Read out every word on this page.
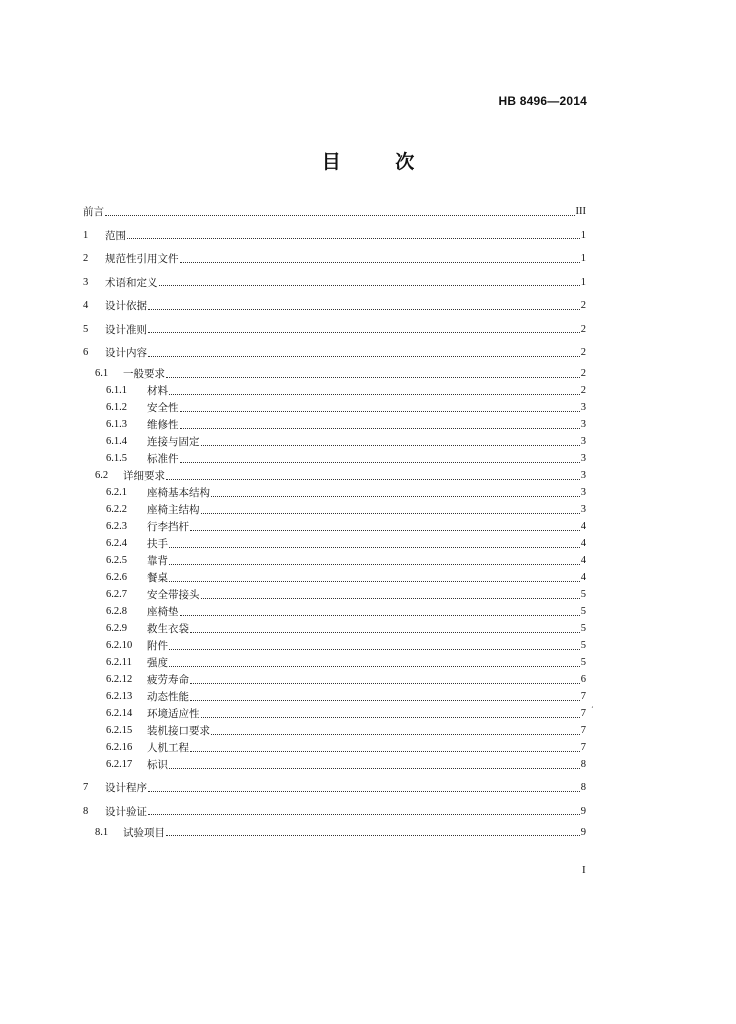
HB 8496—2014
目 次
前言	III
1	范围	1
2	规范性引用文件	1
3	术语和定义	1
4	设计依据	2
5	设计准则	2
6	设计内容	2
6.1	一般要求	2
6.1.1	材料	2
6.1.2	安全性	3
6.1.3	维修性	3
6.1.4	连接与固定	3
6.1.5	标准件	3
6.2	详细要求	3
6.2.1	座椅基本结构	3
6.2.2	座椅主结构	3
6.2.3	行李挡杆	4
6.2.4	扶手	4
6.2.5	靠背	4
6.2.6	餐桌	4
6.2.7	安全带接头	5
6.2.8	座椅垫	5
6.2.9	救生衣袋	5
6.2.10	附件	5
6.2.11	强度	5
6.2.12	疲劳寿命	6
6.2.13	动态性能	7
6.2.14	环境适应性	7
6.2.15	装机接口要求	7
6.2.16	人机工程	7
6.2.17	标识	8
7	设计程序	8
8	设计验证	9
8.1	试验项目	9
،
I
